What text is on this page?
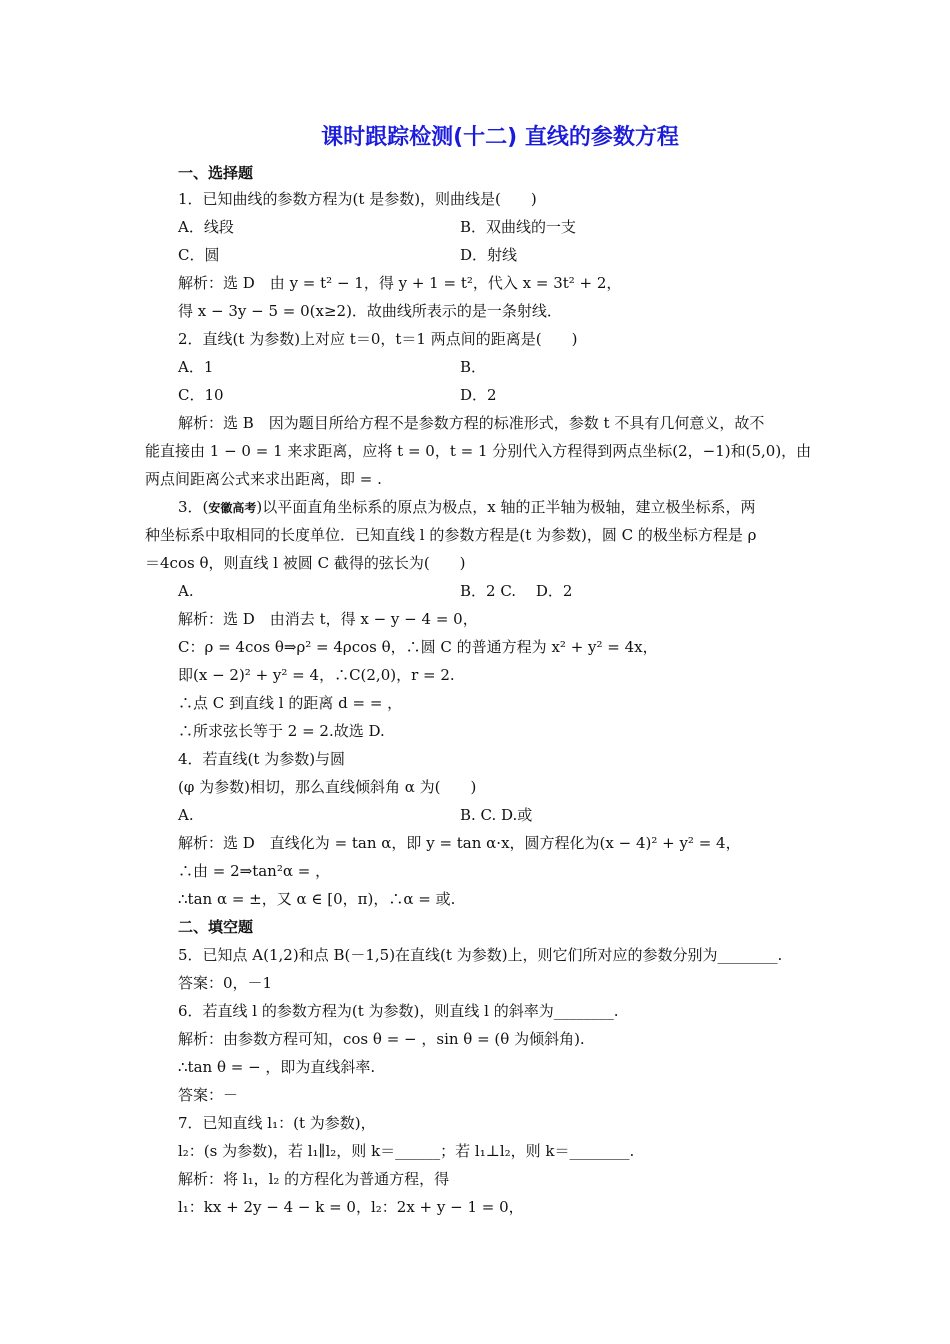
课时跟踪检测(十二) 直线的参数方程
一、选择题
1．已知曲线的参数方程为(t 是参数)，则曲线是(　　)
A．线段	B．双曲线的一支
C．圆	D．射线
解析：选 D　由 y = t² − 1，得 y + 1 = t²，代入 x = 3t² + 2，
得 x − 3y − 5 = 0(x≥2)．故曲线所表示的是一条射线．
2．直线(t 为参数)上对应 t＝0，t＝1 两点间的距离是(　　)
A．1	B．
C．10	D．2
解析：选 B　因为题目所给方程不是参数方程的标准形式，参数 t 不具有几何意义，故不
能直接由 1 − 0 = 1 来求距离，应将 t = 0，t = 1 分别代入方程得到两点坐标(2，−1)和(5,0)，由
两点间距离公式来求出距离，即 = .
3．(安徽高考)以平面直角坐标系的原点为极点，x 轴的正半轴为极轴，建立极坐标系，两
种坐标系中取相同的长度单位．已知直线 l 的参数方程是(t 为参数)，圆 C 的极坐标方程是 ρ
＝4cos θ，则直线 l 被圆 C 截得的弦长为(　　)
A.	B．2 C.　 D．2
解析：选 D　由消去 t，得 x − y − 4 = 0，
C：ρ = 4cos θ⇒ρ² = 4ρcos θ，∴圆 C 的普通方程为 x² + y² = 4x，
即(x − 2)² + y² = 4，∴C(2,0)，r = 2.
∴点 C 到直线 l 的距离 d = = ，
∴所求弦长等于 2 = 2.故选 D.
4．若直线(t 为参数)与圆
(φ 为参数)相切，那么直线倾斜角 α 为(　　)
A.	B. C. D.或
解析：选 D　直线化为 = tan α，即 y = tan α·x，圆方程化为(x − 4)² + y² = 4，
∴由 = 2⇒tan²α = ，
∴tan α = ±，又 α ∈ [0，π)，∴α = 或.
二、填空题
5．已知点 A(1,2)和点 B(－1,5)在直线(t 为参数)上，则它们所对应的参数分别为________.
答案：0，－1
6．若直线 l 的参数方程为(t 为参数)，则直线 l 的斜率为________.
解析：由参数方程可知，cos θ = − ，sin θ = (θ 为倾斜角).
∴tan θ = − ，即为直线斜率.
答案：－
7．已知直线 l₁：(t 为参数)，
l₂：(s 为参数)，若 l₁∥l₂，则 k＝______；若 l₁⊥l₂，则 k＝________.
解析：将 l₁，l₂ 的方程化为普通方程，得
l₁：kx + 2y − 4 − k = 0，l₂：2x + y − 1 = 0，
